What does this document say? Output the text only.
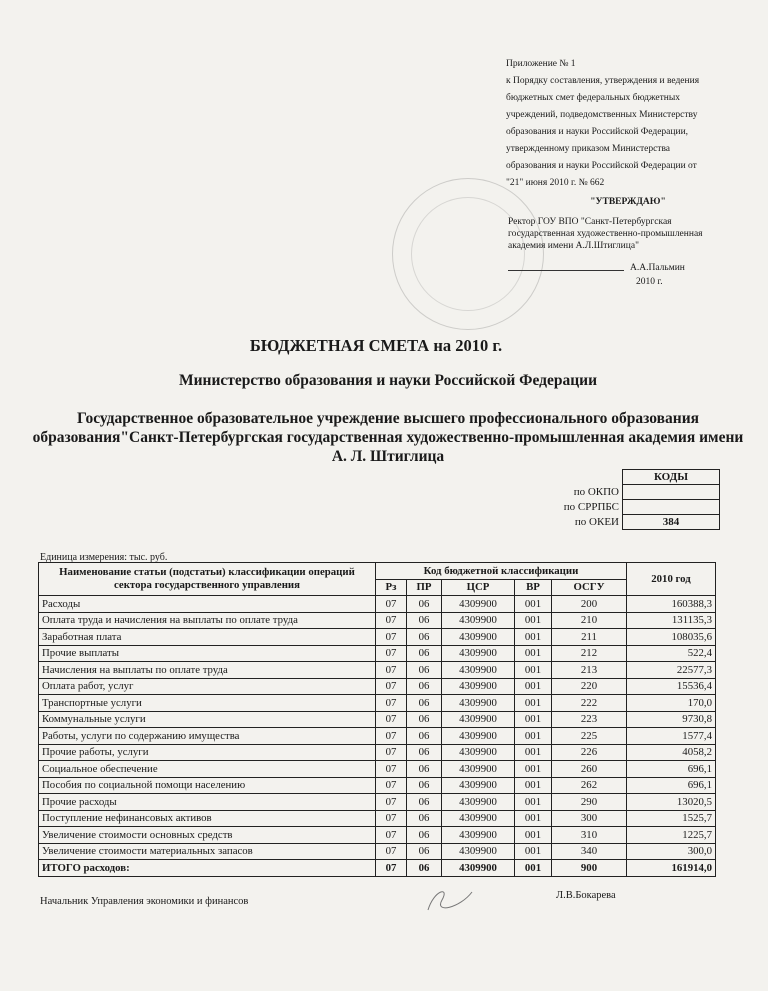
Приложение № 1
к Порядку составления, утверждения и ведения
бюджетных смет федеральных бюджетных
учреждений, подведомственных Министерству
образования и науки Российской Федерации,
утвержденному приказом Министерства
образования и науки Российской Федерации от
"21" июня 2010 г. № 662
"УТВЕРЖДАЮ"
Ректор ГОУ ВПО "Санкт-Петербургская
государственная художественно-промышленная
академия имени А.Л.Штиглица"
А.А.Пальмин
2010 г.
БЮДЖЕТНАЯ СМЕТА на 2010 г.
Министерство образования и науки Российской Федерации
Государственное образовательное учреждение высшего профессионального образования образования"Санкт-Петербургская государственная художественно-промышленная академия имени А. Л. Штиглица
	КОДЫ
по ОКПО	
по СРРПБС	
по ОКЕИ	384
Единица измерения: тыс. руб.
Наименование статьи (подстатьи) классификации операций сектора государственного управления	Код бюджетной классификации					2010 год
	Рз	ПР	ЦСР	ВР	ОСГУ	
Расходы	07	06	4309900	001	200	160388,3
Оплата труда и начисления на выплаты по оплате труда	07	06	4309900	001	210	131135,3
Заработная плата	07	06	4309900	001	211	108035,6
Прочие выплаты	07	06	4309900	001	212	522,4
Начисления на выплаты по оплате труда	07	06	4309900	001	213	22577,3
Оплата работ, услуг	07	06	4309900	001	220	15536,4
Транспортные услуги	07	06	4309900	001	222	170,0
Коммунальные услуги	07	06	4309900	001	223	9730,8
Работы, услуги по содержанию имущества	07	06	4309900	001	225	1577,4
Прочие работы, услуги	07	06	4309900	001	226	4058,2
Социальное обеспечение	07	06	4309900	001	260	696,1
Пособия по социальной помощи населению	07	06	4309900	001	262	696,1
Прочие расходы	07	06	4309900	001	290	13020,5
Поступление нефинансовых активов	07	06	4309900	001	300	1525,7
Увеличение стоимости основных средств	07	06	4309900	001	310	1225,7
Увеличение стоимости материальных запасов	07	06	4309900	001	340	300,0
ИТОГО расходов:	07	06	4309900	001	900	161914,0
Начальник Управления экономики и финансов
Л.В.Бокарева
